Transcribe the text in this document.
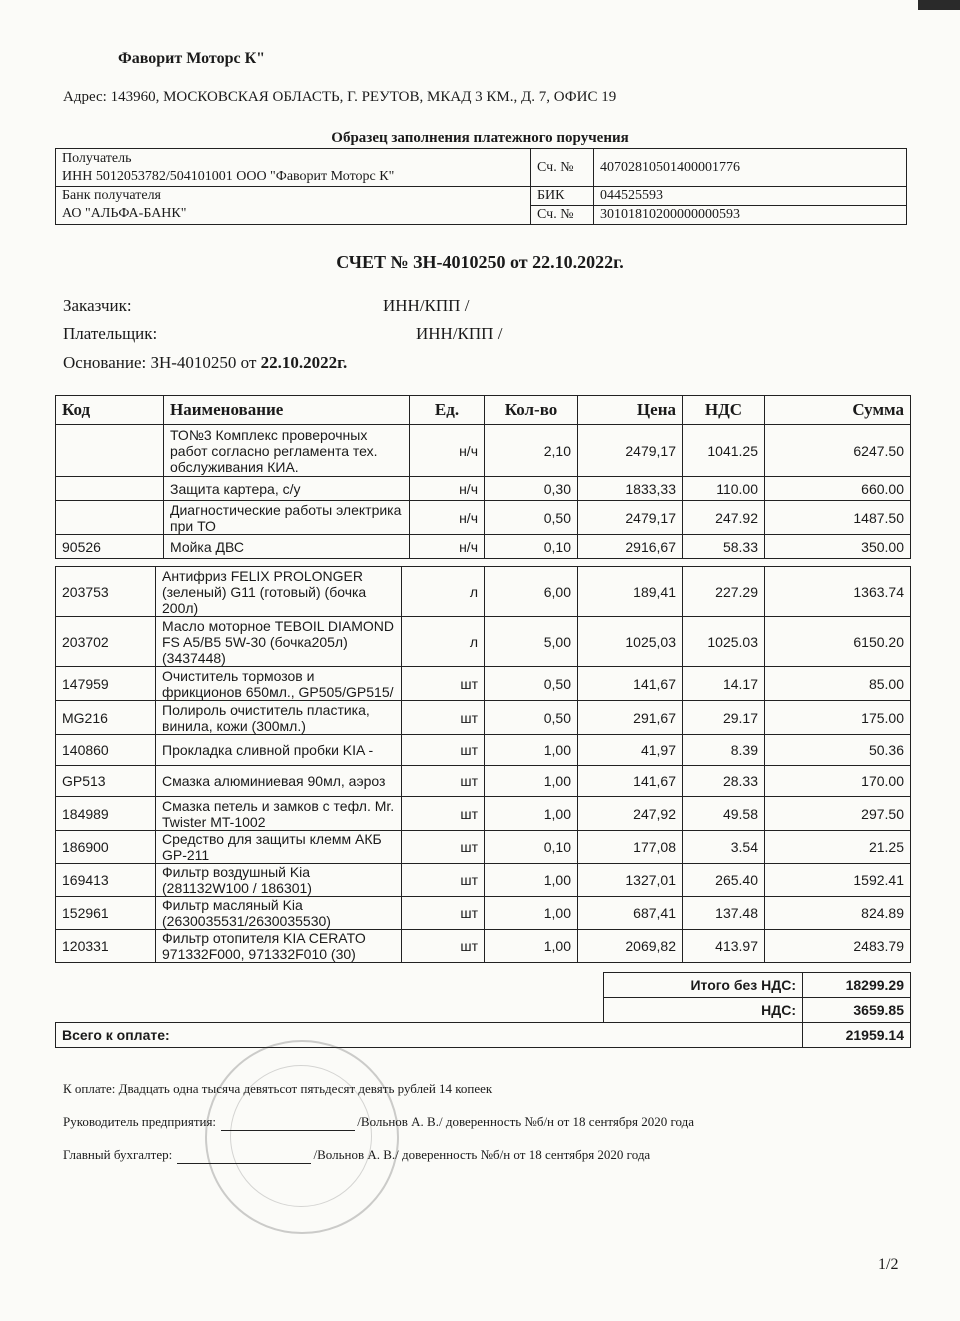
Фаворит Моторс К"
Адрес: 143960, МОСКОВСКАЯ ОБЛАСТЬ, Г. РЕУТОВ, МКАД 3 КМ., Д. 7, ОФИС 19
Образец заполнения платежного поручения
Получатель
ИНН 5012053782/504101001 ООО "Фаворит Моторс К"	Сч. №	40702810501400001776

Банк получателя
АО "АЛЬФА-БАНК"	БИК	044525593
	Сч. №	30101810200000000593
СЧЕТ № ЗН-4010250 от 22.10.2022г.
Заказчик:	ИНН/КПП /
Плательщик:	ИНН/КПП /
Основание: ЗН-4010250 от 22.10.2022г.
Код	Наименование	Ед.	Кол-во	Цена	НДС	Сумма
	ТО№3 Комплекс проверочных работ согласно регламента тех. обслуживания КИА.	н/ч	2,10	2479,17	1041.25	6247.50
	Защита картера, с/у	н/ч	0,30	1833,33	110.00	660.00
	Диагностические работы электрика при ТО	н/ч	0,50	2479,17	247.92	1487.50
90526	Мойка ДВС	н/ч	0,10	2916,67	58.33	350.00
203753	Антифриз FELIX PROLONGER (зеленый) G11 (готовый) (бочка 200л)	л	6,00	189,41	227.29	1363.74
203702	Масло моторное TEBOIL DIAMOND FS A5/B5 5W-30 (бочка205л) (3437448)	л	5,00	1025,03	1025.03	6150.20
147959	Очиститель тормозов и фрикционов 650мл., GP505/GP515/	шт	0,50	141,67	14.17	85.00
MG216	Полироль очиститель пластика, винила, кожи (300мл.)	шт	0,50	291,67	29.17	175.00
140860	Прокладка сливной пробки KIA -	шт	1,00	41,97	8.39	50.36
GP513	Смазка алюминиевая 90мл, аэроз	шт	1,00	141,67	28.33	170.00
184989	Смазка петель и замков с тефл. Mr. Twister MT-1002	шт	1,00	247,92	49.58	297.50
186900	Средство для защиты клемм АКБ GP-211	шт	0,10	177,08	3.54	21.25
169413	Фильтр воздушный Kia (281132W100 / 186301)	шт	1,00	1327,01	265.40	1592.41
152961	Фильтр масляный Kia (2630035531/2630035530)	шт	1,00	687,41	137.48	824.89
120331	Фильтр отопителя KIA CERATO 971332F000, 971332F010 (30)	шт	1,00	2069,82	413.97	2483.79
Итого без НДС:	18299.29
НДС:	3659.85
Всего к оплате:	21959.14
К оплате: Двадцать одна тысяча девятьсот пятьдесят девять рублей 14 копеек
Руководитель предприятия:	/Вольнов А. В./ доверенность №б/н от 18 сентября 2020 года
Главный бухгалтер:	/Вольнов А. В./ доверенность №б/н от 18 сентября 2020 года
1/2
